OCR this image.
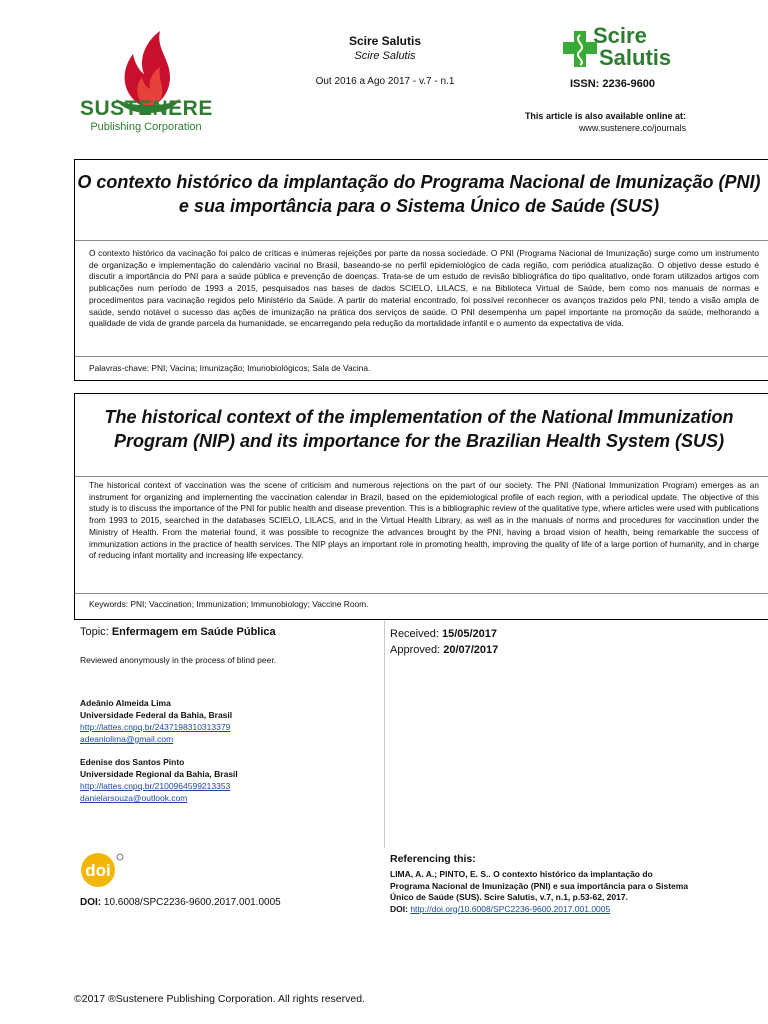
SUSTENERE
Publishing Corporation
Scire Salutis
Scire Salutis
Out 2016 a Ago 2017 - v.7 - n.1
Scire
Salutis
ISSN: 2236-9600
This article is also available online at:
www.sustenere.co/journals
O contexto histórico da implantação do Programa Nacional de Imunização (PNI) e sua importância para o Sistema Único de Saúde (SUS)
O contexto histórico da vacinação foi palco de críticas e inúmeras rejeições por parte da nossa sociedade. O PNI (Programa Nacional de Imunização) surge como um instrumento de organização e implementação do calendário vacinal no Brasil, baseando-se no perfil epidemiológico de cada região, com periódica atualização. O objetivo desse estudo é discutir a importância do PNI para a saúde pública e prevenção de doenças. Trata-se de um estudo de revisão bibliográfica do tipo qualitativo, onde foram utilizados artigos com publicações num período de 1993 a 2015, pesquisados nas bases de dados SCIELO, LILACS, e na Biblioteca Virtual de Saúde, bem como nos manuais de normas e procedimentos para vacinação regidos pelo Ministério da Saúde. A partir do material encontrado, foi possível reconhecer os avanços trazidos pelo PNI, tendo a visão ampla de saúde, sendo notável o sucesso das ações de imunização na prática dos serviços de saúde. O PNI desempenha um papel importante na promoção da saúde, melhorando a qualidade de vida de grande parcela da humanidade, se encarregando pela redução da mortalidade infantil e o aumento da expectativa de vida.
Palavras-chave: PNI; Vacina; Imunização; Imunobiológicos; Sala de Vacina.
The historical context of the implementation of the National Immunization Program (NIP) and its importance for the Brazilian Health System (SUS)
The historical context of vaccination was the scene of criticism and numerous rejections on the part of our society. The PNI (National Immunization Program) emerges as an instrument for organizing and implementing the vaccination calendar in Brazil, based on the epidemiological profile of each region, with a periodical update. The objective of this study is to discuss the importance of the PNI for public health and disease prevention. This is a bibliographic review of the qualitative type, where articles were used with publications from 1993 to 2015, searched in the databases SCIELO, LILACS, and in the Virtual Health Library, as well as in the manuals of norms and procedures for vaccination under the Ministry of Health. From the material found, it was possible to recognize the advances brought by the PNI, having a broad vision of health, being remarkable the success of immunization actions in the practice of health services. The NIP plays an important role in promoting health, improving the quality of life of a large portion of humanity, and in charge of reducing infant mortality and increasing life expectancy.
Keywords: PNI; Vaccination; Immunization; Immunobiology; Vaccine Room.
Topic: Enfermagem em Saúde Pública
Reviewed anonymously in the process of blind peer.
Received: 15/05/2017
Approved: 20/07/2017
Adeânio Almeida Lima
Universidade Federal da Bahia, Brasil
http://lattes.cnpq.br/2437198310313379
adeaniolima@gmail.com
Edenise dos Santos Pinto
Universidade Regional da Bahia, Brasil
http://lattes.cnpq.br/2100964599213353
danielarsouza@outlook.com
doi
DOI: 10.6008/SPC2236-9600.2017.001.0005
Referencing this:
LIMA, A. A.; PINTO, E. S.. O contexto histórico da implantação do Programa Nacional de Imunização (PNI) e sua importância para o Sistema Único de Saúde (SUS). Scire Salutis, v.7, n.1, p.53-62, 2017.
DOI: http://doi.org/10.6008/SPC2236-9600.2017.001.0005
©2017 ®Sustenere Publishing Corporation. All rights reserved.
